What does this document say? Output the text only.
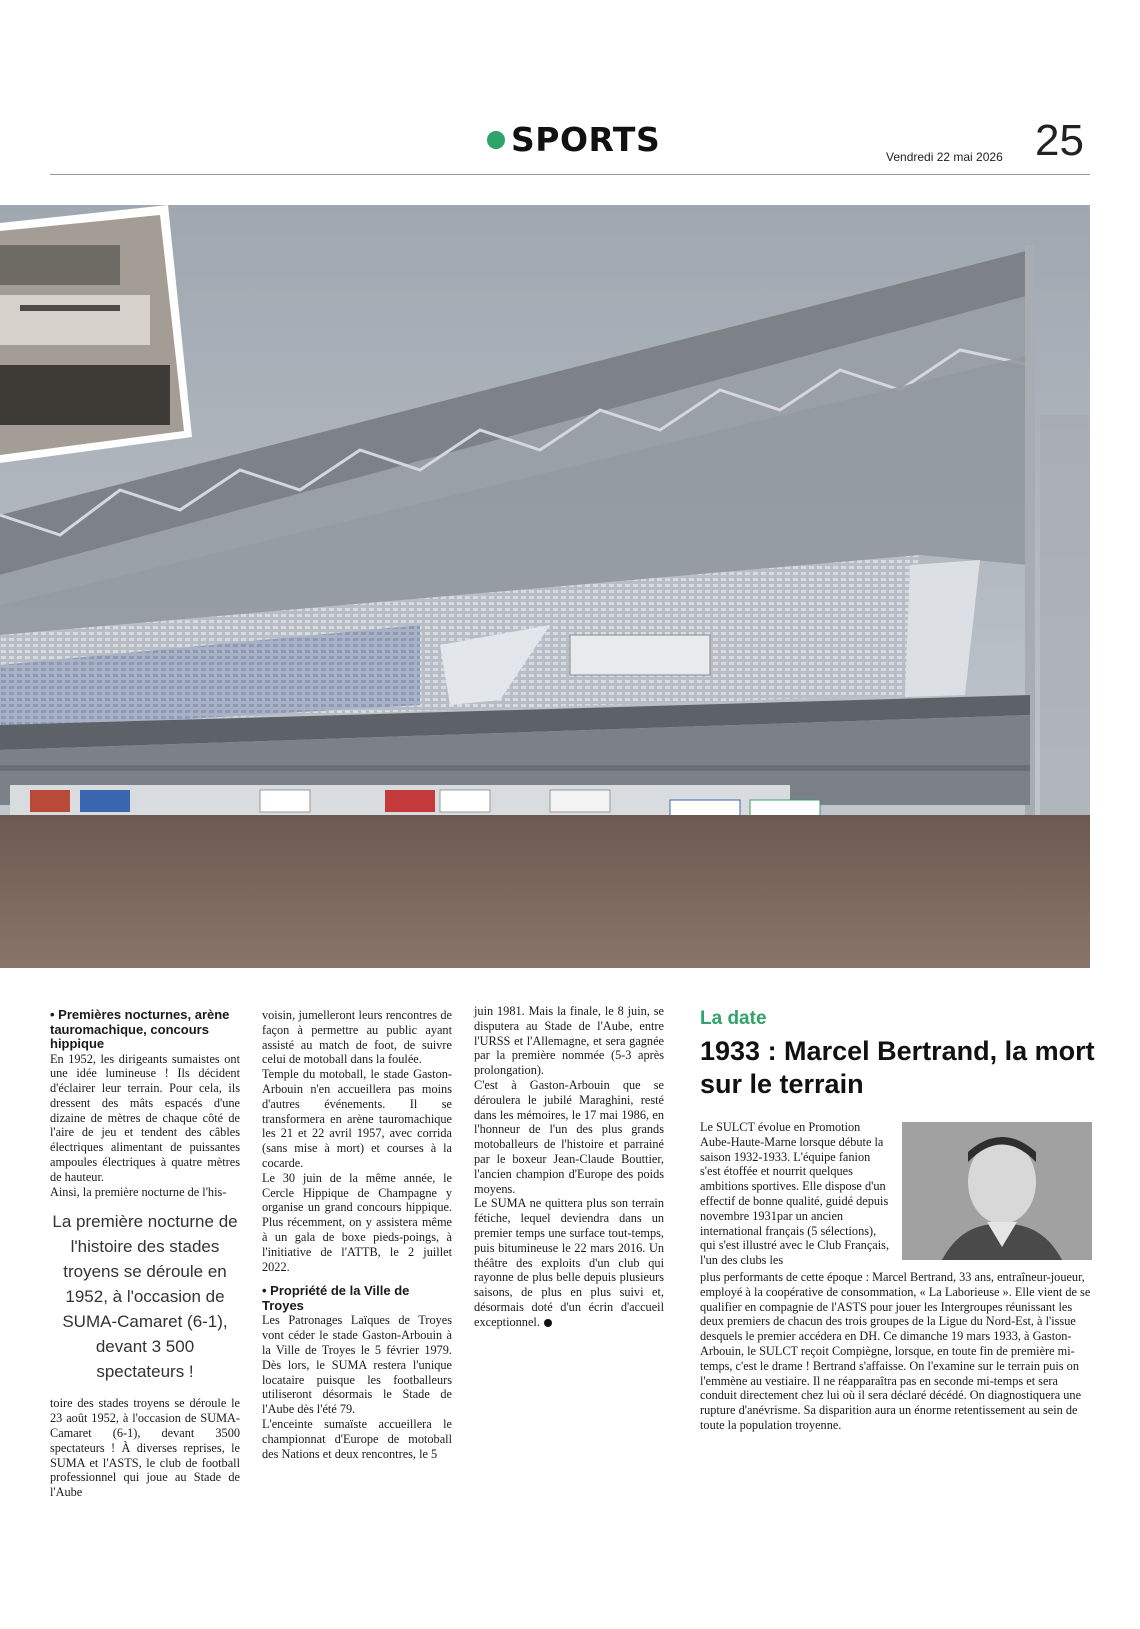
SPORTS	Vendredi 22 mai 2026 25

• Premières nocturnes, arène tauromachique, concours hippique

En 1952, les dirigeants sumaistes ont une idée lumineuse ! Ils décident d'éclairer leur terrain. Pour cela, ils dressent des mâts espacés d'une dizaine de mètres de chaque côté de l'aire de jeu et tendent des câbles électriques alimentant de puissantes ampoules électriques à quatre mètres de hauteur.

Ainsi, la première nocturne de l'his-

La première nocturne de l'histoire des stades troyens se déroule en 1952, à l'occasion de SUMA-Camaret (6-1), devant 3 500 spectateurs !

toire des stades troyens se déroule le 23 août 1952, à l'occasion de SUMA-Camaret (6-1), devant 3500 spectateurs ! À diverses reprises, le SUMA et l'ASTS, le club de football professionnel qui joue au Stade de l'Aube

voisin, jumelleront leurs rencontres de façon à permettre au public ayant assisté au match de foot, de suivre celui de motoball dans la foulée.

Temple du motoball, le stade Gaston-Arbouin n'en accueillera pas moins d'autres événements. Il se transformera en arène tauromachique les 21 et 22 avril 1957, avec corrida (sans mise à mort) et courses à la cocarde.

Le 30 juin de la même année, le Cercle Hippique de Champagne y organise un grand concours hippique. Plus récemment, on y assistera même à un gala de boxe pieds-poings, à l'initiative de l'ATTB, le 2 juillet 2022.

• Propriété de la Ville de Troyes

Les Patronages Laïques de Troyes vont céder le stade Gaston-Arbouin à la Ville de Troyes le 5 février 1979. Dès lors, le SUMA restera l'unique locataire puisque les footballeurs utiliseront désormais le Stade de l'Aube dès l'été 79.

L'enceinte sumaïste accueillera le championnat d'Europe de motoball des Nations et deux rencontres, le 5

juin 1981. Mais la finale, le 8 juin, se disputera au Stade de l'Aube, entre l'URSS et l'Allemagne, et sera gagnée par la première nommée (5-3 après prolongation).

C'est à Gaston-Arbouin que se déroulera le jubilé Maraghini, resté dans les mémoires, le 17 mai 1986, en l'honneur de l'un des plus grands motoballeurs de l'histoire et parrainé par le boxeur Jean-Claude Bouttier, l'ancien champion d'Europe des poids moyens.

Le SUMA ne quittera plus son terrain fétiche, lequel deviendra dans un premier temps une surface tout-temps, puis bitumineuse le 22 mars 2016. Un théâtre des exploits d'un club qui rayonne de plus belle depuis plusieurs saisons, de plus en plus suivi et, désormais doté d'un écrin d'accueil exceptionnel.

La date
1933 : Marcel Bertrand, la mort sur le terrain
Le SULCT évolue en Promotion Aube-Haute-Marne lorsque débute la saison 1932-1933. L'équipe fanion s'est étoffée et nourrit quelques ambitions sportives. Elle dispose d'un effectif de bonne qualité, guidé depuis novembre 1931par un ancien international français (5 sélections), qui s'est illustré avec le Club Français, l'un des clubs les
plus performants de cette époque : Marcel Bertrand, 33 ans, entraîneur-joueur, employé à la coopérative de consommation, « La Laborieuse ». Elle vient de se qualifier en compagnie de l'ASTS pour jouer les Intergroupes réunissant les deux premiers de chacun des trois groupes de la Ligue du Nord-Est, à l'issue desquels le premier accédera en DH. Ce dimanche 19 mars 1933, à Gaston-Arbouin, le SULCT reçoit Compiègne, lorsque, en toute fin de première mi-temps, c'est le drame ! Bertrand s'affaisse. On l'examine sur le terrain puis on l'emmène au vestiaire. Il ne réapparaîtra pas en seconde mi-temps et sera conduit directement chez lui où il sera déclaré décédé. On diagnostiquera une rupture d'anévrisme. Sa disparition aura un énorme retentissement au sein de toute la population troyenne.
